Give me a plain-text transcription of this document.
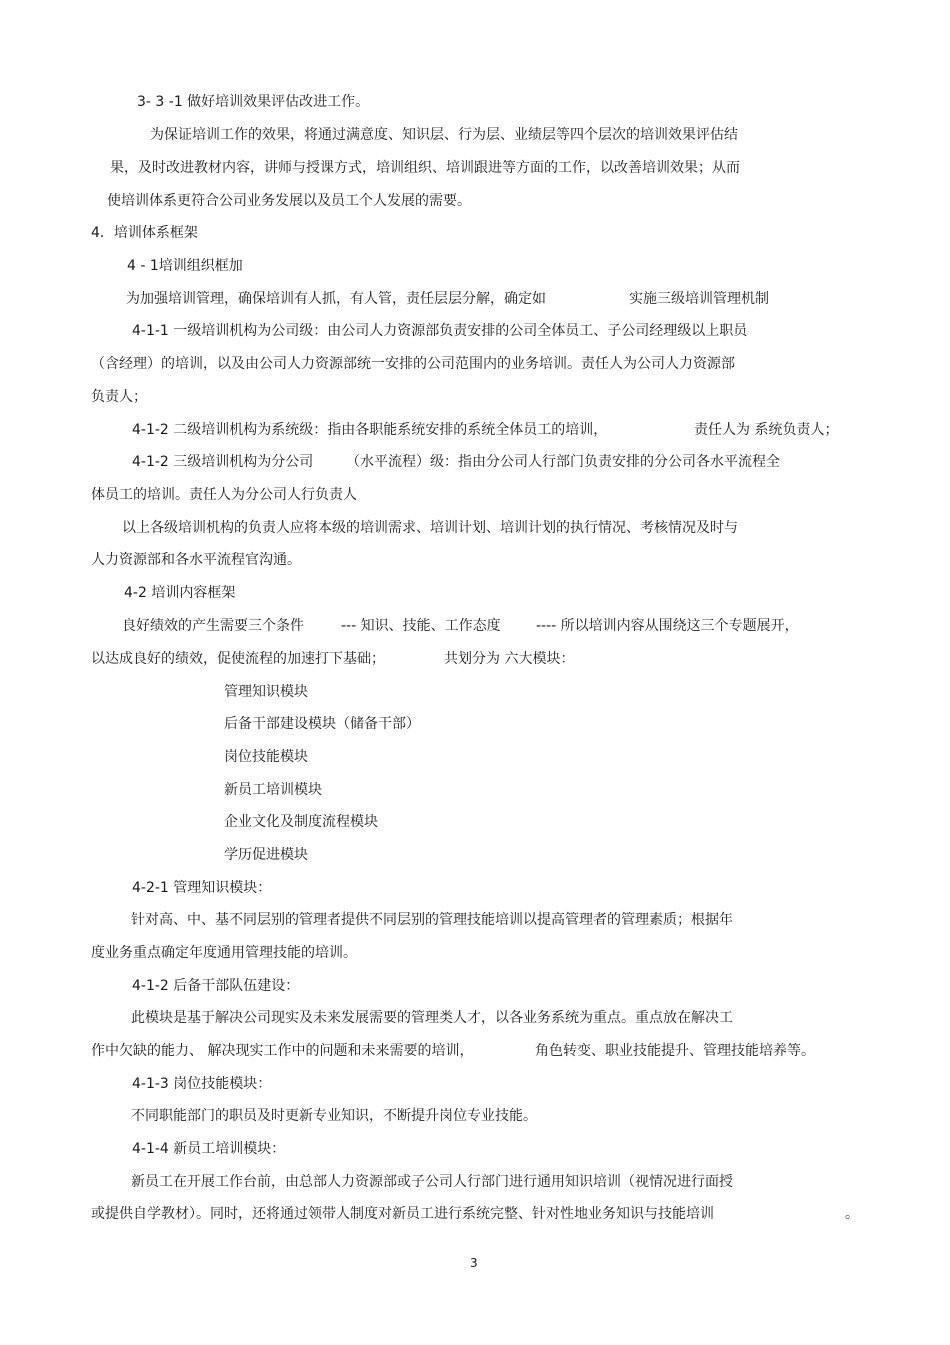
3- 3 -1 做好培训效果评估改进工作。
为保证培训工作的效果，将通过满意度、知识层、行为层、业绩层等四个层次的培训效果评估结
果，及时改进教材内容，讲师与授课方式，培训组织、培训跟进等方面的工作，以改善培训效果；从而
使培训体系更符合公司业务发展以及员工个人发展的需要。
4．培训体系框架
4 - 1培训组织框加
为加强培训管理，确保培训有人抓，有人管，责任层层分解，确定如	实施三级培训管理机制
4-1-1 一级培训机构为公司级：由公司人力资源部负责安排的公司全体员工、子公司经理级以上职员
（含经理）的培训，以及由公司人力资源部统一安排的公司范围内的业务培训。责任人为公司人力资源部
负责人；
4-1-2 二级培训机构为系统级：指由各职能系统安排的系统全体员工的培训，	责任人为 系统负责人；
4-1-2 三级培训机构为分公司 （水平流程）级：指由分公司人行部门负责安排的分公司各水平流程全
体员工的培训。责任人为分公司人行负责人
以上各级培训机构的负责人应将本级的培训需求、培训计划、培训计划的执行情况、考核情况及时与
人力资源部和各水平流程官沟通。
4-2 培训内容框架
良好绩效的产生需要三个条件	--- 知识、技能、工作态度	---- 所以培训内容从围绕这三个专题展开，
以达成良好的绩效，促使流程的加速打下基础；	共划分为 六大模块：
管理知识模块
后备干部建设模块（储备干部）
岗位技能模块
新员工培训模块
企业文化及制度流程模块
学历促进模块
4-2-1 管理知识模块：
针对高、中、基不同层别的管理者提供不同层别的管理技能培训以提高管理者的管理素质；根据年
度业务重点确定年度通用管理技能的培训。
4-1-2 后备干部队伍建设：
此模块是基于解决公司现实及未来发展需要的管理类人才，以各业务系统为重点。重点放在解决工
作中欠缺的能力、 解决现实工作中的问题和未来需要的培训，	角色转变、职业技能提升、管理技能培养等。
4-1-3 岗位技能模块：
不同职能部门的职员及时更新专业知识，不断提升岗位专业技能。
4-1-4 新员工培训模块：
新员工在开展工作台前，由总部人力资源部或子公司人行部门进行通用知识培训（视情况进行面授
或提供自学教材）。同时，还将通过领带人制度对新员工进行系统完整、针对性地业务知识与技能培训	。
3
